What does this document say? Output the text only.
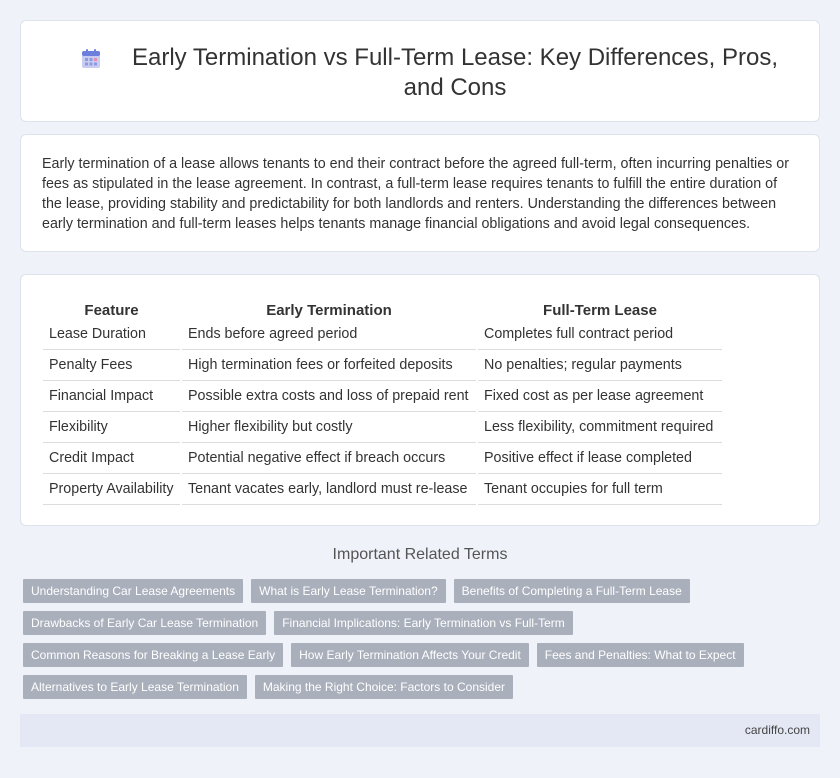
Early Termination vs Full-Term Lease: Key Differences, Pros, and Cons

Early termination of a lease allows tenants to end their contract before the agreed full-term, often incurring penalties or fees as stipulated in the lease agreement. In contrast, a full-term lease requires tenants to fulfill the entire duration of the lease, providing stability and predictability for both landlords and renters. Understanding the differences between early termination and full-term leases helps tenants manage financial obligations and avoid legal consequences.

Feature		Early Termination		Full-Term Lease
Lease Duration		Ends before agreed period		Completes full contract period
Penalty Fees		High termination fees or forfeited deposits		No penalties; regular payments
Financial Impact		Possible extra costs and loss of prepaid rent		Fixed cost as per lease agreement
Flexibility		Higher flexibility but costly		Less flexibility, commitment required
Credit Impact		Potential negative effect if breach occurs		Positive effect if lease completed
Property Availability		Tenant vacates early, landlord must re-lease		Tenant occupies for full term
Important Related Terms
Understanding Car Lease Agreements	What is Early Lease Termination?	Benefits of Completing a Full-Term Lease
Drawbacks of Early Car Lease Termination	Financial Implications: Early Termination vs Full-Term
Common Reasons for Breaking a Lease Early	How Early Termination Affects Your Credit	Fees and Penalties: What to Expect
Alternatives to Early Lease Termination	Making the Right Choice: Factors to Consider
cardiffo.com
